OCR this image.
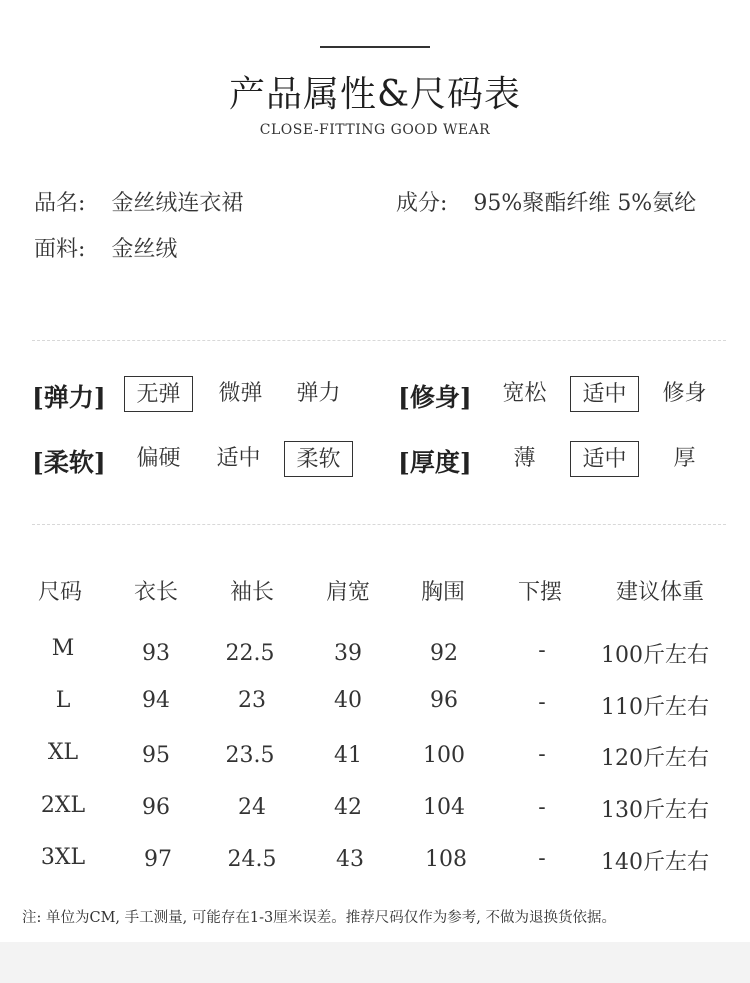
产品属性&尺码表
CLOSE-FITTING GOOD WEAR
品名: 金丝绒连衣裙	成分: 95%聚酯纤维 5%氨纶
面料: 金丝绒
[弹力]	无弹	微弹	弹力	[修身]	宽松	适中	修身
[柔软]	偏硬	适中	柔软	[厚度]	薄	适中	厚
尺码	衣长	袖长	肩宽	胸围	下摆	建议体重
M	93	22.5	39	92	-	100斤左右
L	94	23	40	96	-	110斤左右
XL	95	23.5	41	100	-	120斤左右
2XL	96	24	42	104	-	130斤左右
3XL	97	24.5	43	108	-	140斤左右
注: 单位为CM, 手工测量, 可能存在1-3厘米误差。推荐尺码仅作为参考, 不做为退换货依据。
